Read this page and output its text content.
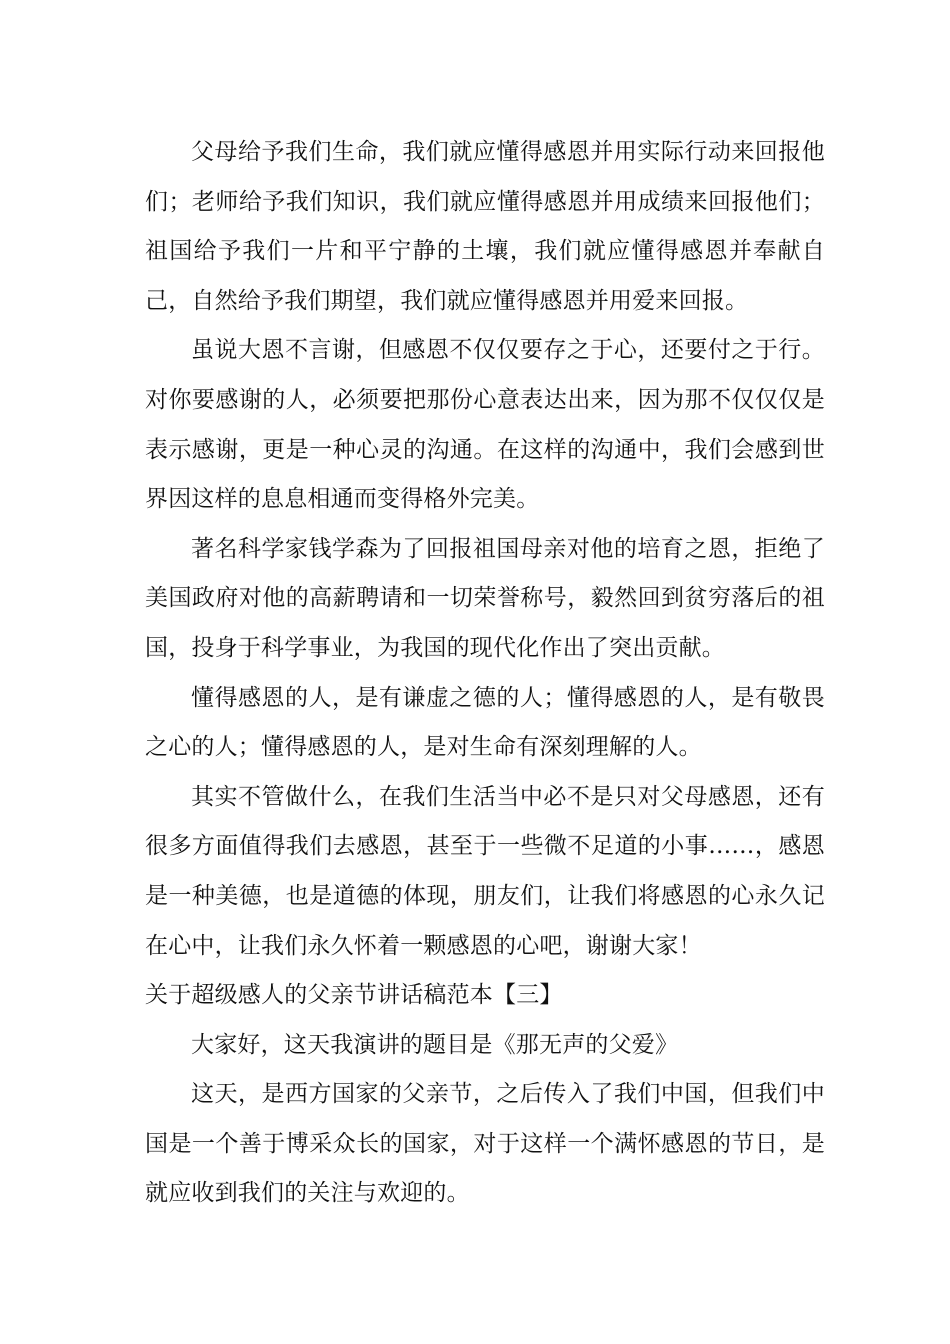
父母给予我们生命，我们就应懂得感恩并用实际行动来回报他们；老师给予我们知识，我们就应懂得感恩并用成绩来回报他们；祖国给予我们一片和平宁静的土壤，我们就应懂得感恩并奉献自己，自然给予我们期望，我们就应懂得感恩并用爱来回报。

虽说大恩不言谢，但感恩不仅仅要存之于心，还要付之于行。对你要感谢的人，必须要把那份心意表达出来，因为那不仅仅仅是表示感谢，更是一种心灵的沟通。在这样的沟通中，我们会感到世界因这样的息息相通而变得格外完美。

著名科学家钱学森为了回报祖国母亲对他的培育之恩，拒绝了美国政府对他的高薪聘请和一切荣誉称号，毅然回到贫穷落后的祖国，投身于科学事业，为我国的现代化作出了突出贡献。

懂得感恩的人，是有谦虚之德的人；懂得感恩的人，是有敬畏之心的人；懂得感恩的人，是对生命有深刻理解的人。

其实不管做什么，在我们生活当中必不是只对父母感恩，还有很多方面值得我们去感恩，甚至于一些微不足道的小事……，感恩是一种美德，也是道德的体现，朋友们，让我们将感恩的心永久记在心中，让我们永久怀着一颗感恩的心吧，谢谢大家！

关于超级感人的父亲节讲话稿范本【三】

大家好，这天我演讲的题目是《那无声的父爱》

这天，是西方国家的父亲节，之后传入了我们中国，但我们中国是一个善于博采众长的国家，对于这样一个满怀感恩的节日，是就应收到我们的关注与欢迎的。
